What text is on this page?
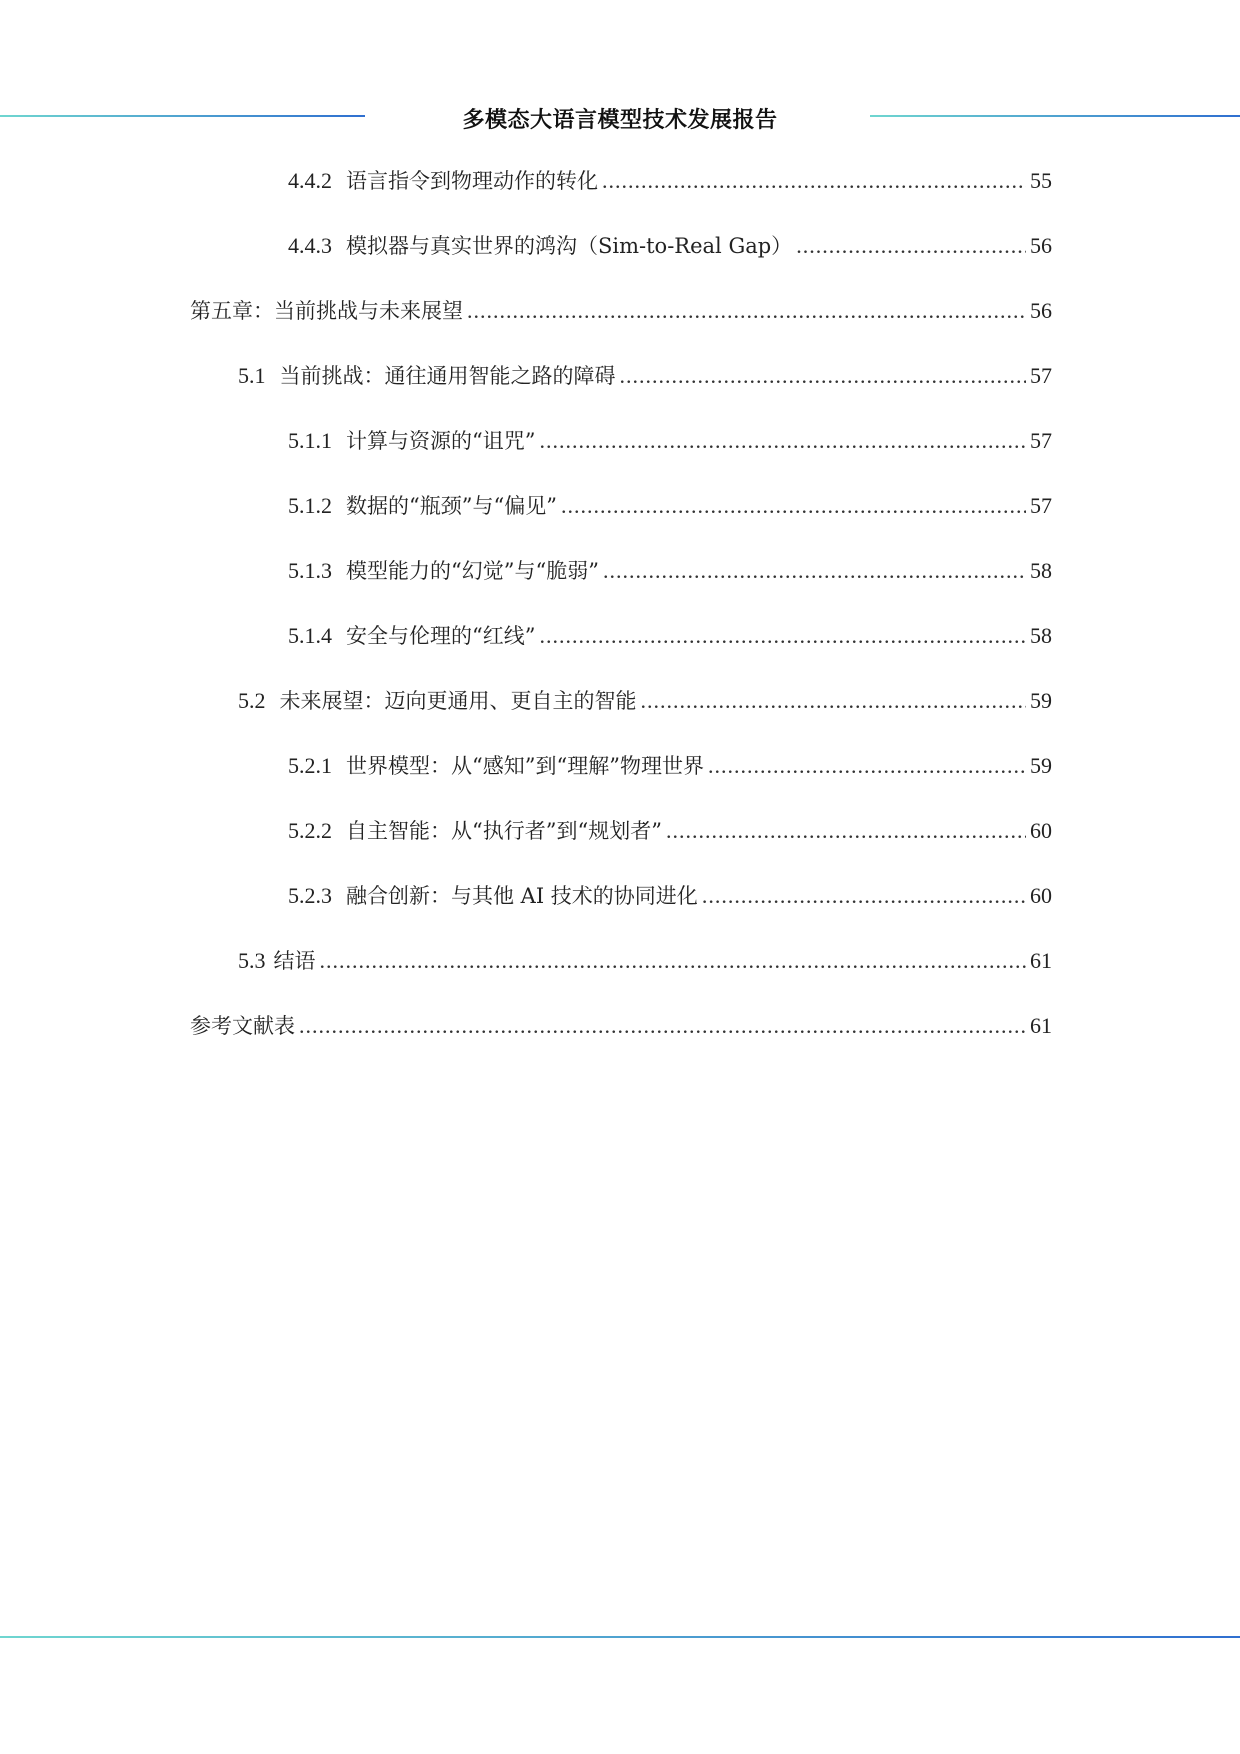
多模态大语言模型技术发展报告
4.4.2 语言指令到物理动作的转化 .....	55
4.4.3 模拟器与真实世界的鸿沟（Sim-to-Real Gap） .....	56
第五章：当前挑战与未来展望 .....	56
5.1 当前挑战：通往通用智能之路的障碍 .....	57
5.1.1 计算与资源的“诅咒” .....	57
5.1.2 数据的“瓶颈”与“偏见” .....	57
5.1.3 模型能力的“幻觉”与“脆弱” .....	58
5.1.4 安全与伦理的“红线” .....	58
5.2 未来展望：迈向更通用、更自主的智能 .....	59
5.2.1 世界模型：从“感知”到“理解”物理世界 .....	59
5.2.2 自主智能：从“执行者”到“规划者” .....	60
5.2.3 融合创新：与其他 AI 技术的协同进化 .....	60
5.3 结语 .....	61
参考文献表 .....	61
